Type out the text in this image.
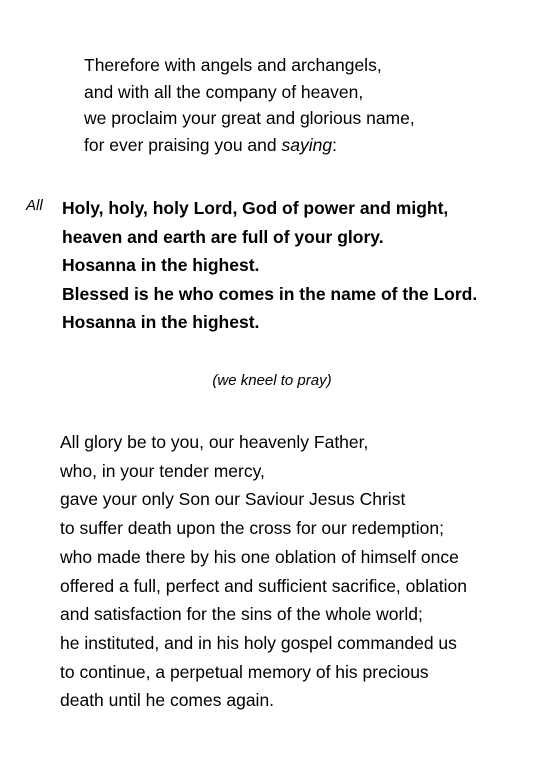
Therefore with angels and archangels,
and with all the company of heaven,
we proclaim your great and glorious name,
for ever praising you and saying:
All Holy, holy, holy Lord, God of power and might,
heaven and earth are full of your glory.
Hosanna in the highest.
Blessed is he who comes in the name of the Lord.
Hosanna in the highest.
(we kneel to pray)
All glory be to you, our heavenly Father,
who, in your tender mercy,
gave your only Son our Saviour Jesus Christ
to suffer death upon the cross for our redemption;
who made there by his one oblation of himself once
offered a full, perfect and sufficient sacrifice, oblation
and satisfaction for the sins of the whole world;
he instituted, and in his holy gospel commanded us
to continue, a perpetual memory of his precious
death until he comes again.
